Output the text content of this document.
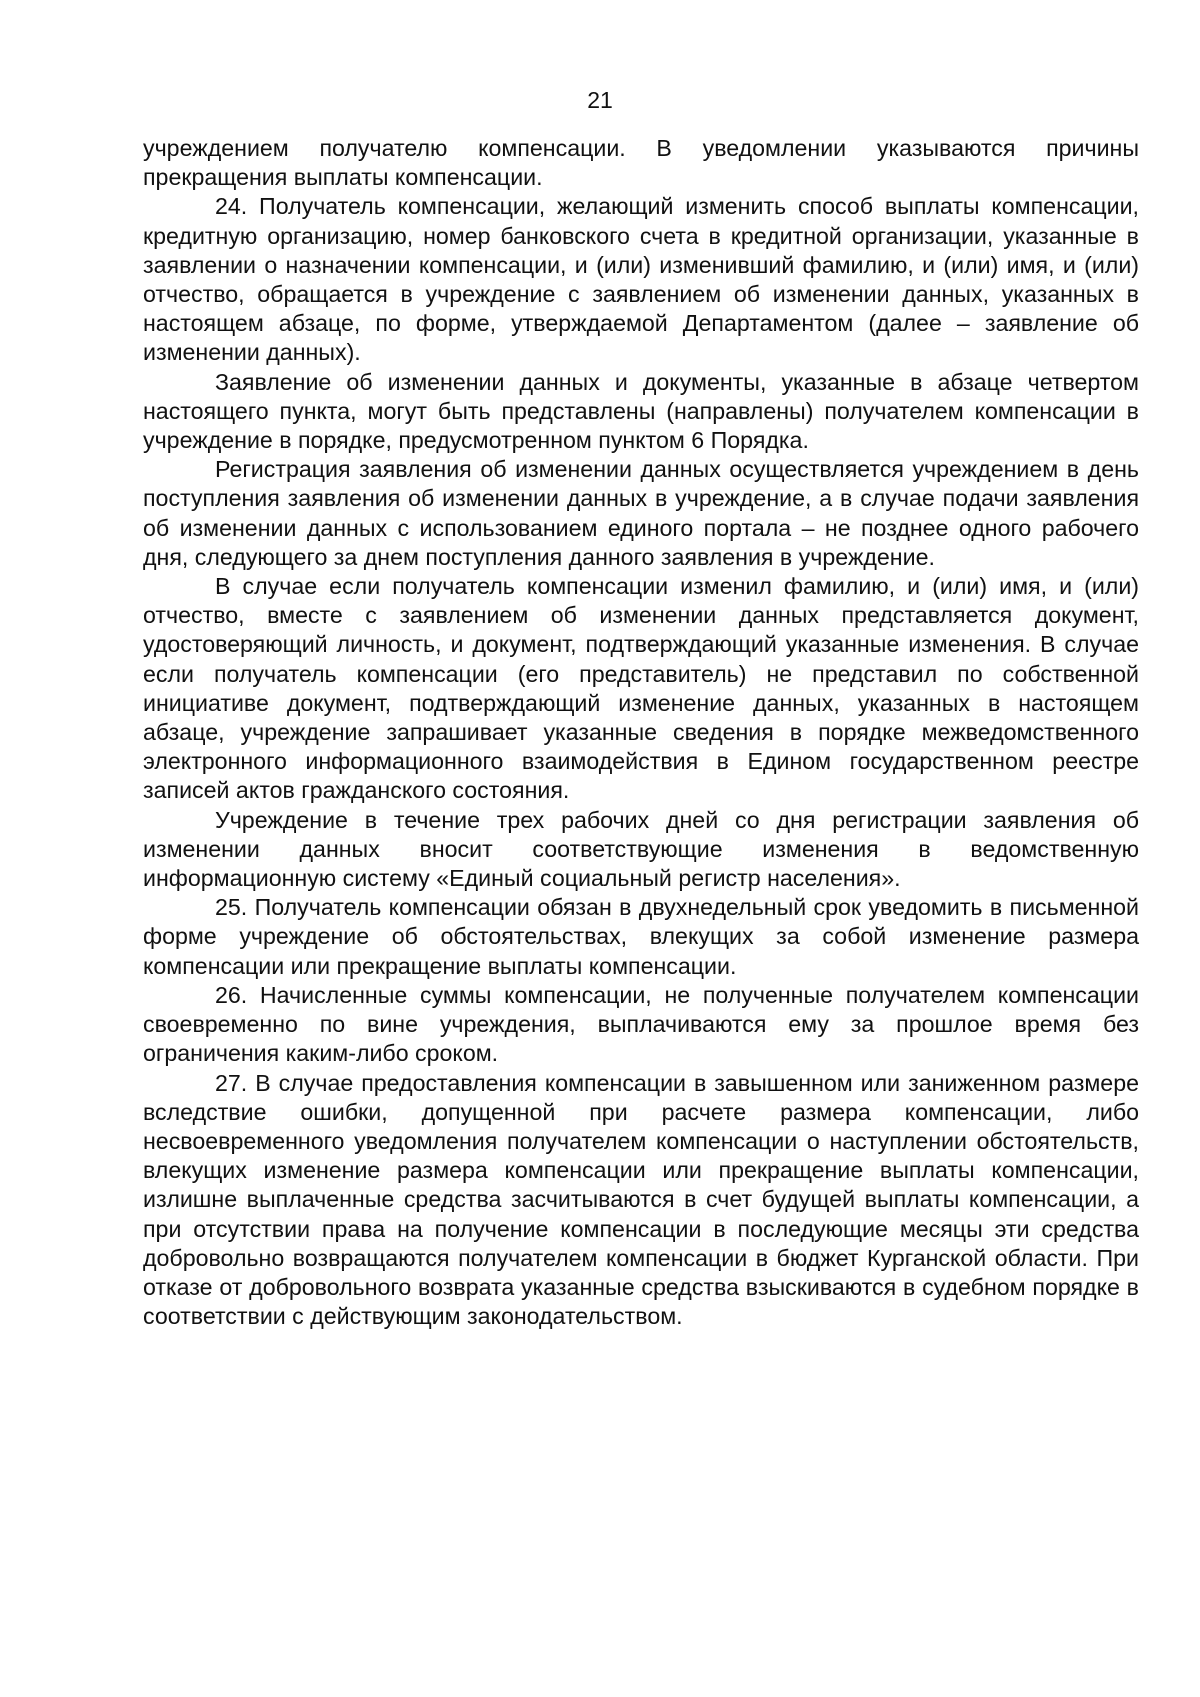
21

учреждением получателю компенсации. В уведомлении указываются причины прекращения выплаты компенсации.

24. Получатель компенсации, желающий изменить способ выплаты компенсации, кредитную организацию, номер банковского счета в кредитной организации, указанные в заявлении о назначении компенсации, и (или) изменивший фамилию, и (или) имя, и (или) отчество, обращается в учреждение с заявлением об изменении данных, указанных в настоящем абзаце, по форме, утверждаемой Департаментом (далее – заявление об изменении данных).

Заявление об изменении данных и документы, указанные в абзаце четвертом настоящего пункта, могут быть представлены (направлены) получателем компенсации в учреждение в порядке, предусмотренном пунктом 6 Порядка.

Регистрация заявления об изменении данных осуществляется учреждением в день поступления заявления об изменении данных в учреждение, а в случае подачи заявления об изменении данных с использованием единого портала – не позднее одного рабочего дня, следующего за днем поступления данного заявления в учреждение.

В случае если получатель компенсации изменил фамилию, и (или) имя, и (или) отчество, вместе с заявлением об изменении данных представляется документ, удостоверяющий личность, и документ, подтверждающий указанные изменения. В случае если получатель компенсации (его представитель) не представил по собственной инициативе документ, подтверждающий изменение данных, указанных в настоящем абзаце, учреждение запрашивает указанные сведения в порядке межведомственного электронного информационного взаимодействия в Едином государственном реестре записей актов гражданского состояния.

Учреждение в течение трех рабочих дней со дня регистрации заявления об изменении данных вносит соответствующие изменения в ведомственную информационную систему «Единый социальный регистр населения».

25. Получатель компенсации обязан в двухнедельный срок уведомить в письменной форме учреждение об обстоятельствах, влекущих за собой изменение размера компенсации или прекращение выплаты компенсации.

26. Начисленные суммы компенсации, не полученные получателем компенсации своевременно по вине учреждения, выплачиваются ему за прошлое время без ограничения каким-либо сроком.

27. В случае предоставления компенсации в завышенном или заниженном размере вследствие ошибки, допущенной при расчете размера компенсации, либо несвоевременного уведомления получателем компенсации о наступлении обстоятельств, влекущих изменение размера компенсации или прекращение выплаты компенсации, излишне выплаченные средства засчитываются в счет будущей выплаты компенсации, а при отсутствии права на получение компенсации в последующие месяцы эти средства добровольно возвращаются получателем компенсации в бюджет Курганской области. При отказе от добровольного возврата указанные средства взыскиваются в судебном порядке в соответствии с действующим законодательством.
